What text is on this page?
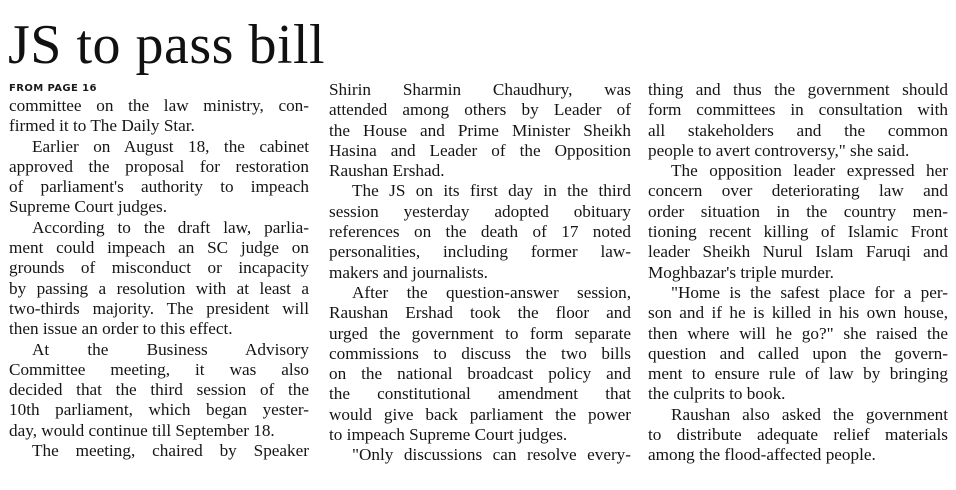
JS to pass bill
FROM PAGE 16
committee on the law ministry, con-
firmed it to The Daily Star.
Earlier on August 18, the cabinet
approved the proposal for restoration
of parliament's authority to impeach
Supreme Court judges.
According to the draft law, parlia-
ment could impeach an SC judge on
grounds of misconduct or incapacity
by passing a resolution with at least a
two-thirds majority. The president will
then issue an order to this effect.
At the Business Advisory
Committee meeting, it was also
decided that the third session of the
10th parliament, which began yester-
day, would continue till September 18.
The meeting, chaired by Speaker
Shirin Sharmin Chaudhury, was
attended among others by Leader of
the House and Prime Minister Sheikh
Hasina and Leader of the Opposition
Raushan Ershad.
The JS on its first day in the third
session yesterday adopted obituary
references on the death of 17 noted
personalities, including former law-
makers and journalists.
After the question-answer session,
Raushan Ershad took the floor and
urged the government to form separate
commissions to discuss the two bills
on the national broadcast policy and
the constitutional amendment that
would give back parliament the power
to impeach Supreme Court judges.
"Only discussions can resolve every-
thing and thus the government should
form committees in consultation with
all stakeholders and the common
people to avert controversy," she said.
The opposition leader expressed her
concern over deteriorating law and
order situation in the country men-
tioning recent killing of Islamic Front
leader Sheikh Nurul Islam Faruqi and
Moghbazar's triple murder.
"Home is the safest place for a per-
son and if he is killed in his own house,
then where will he go?" she raised the
question and called upon the govern-
ment to ensure rule of law by bringing
the culprits to book.
Raushan also asked the government
to distribute adequate relief materials
among the flood-affected people.
